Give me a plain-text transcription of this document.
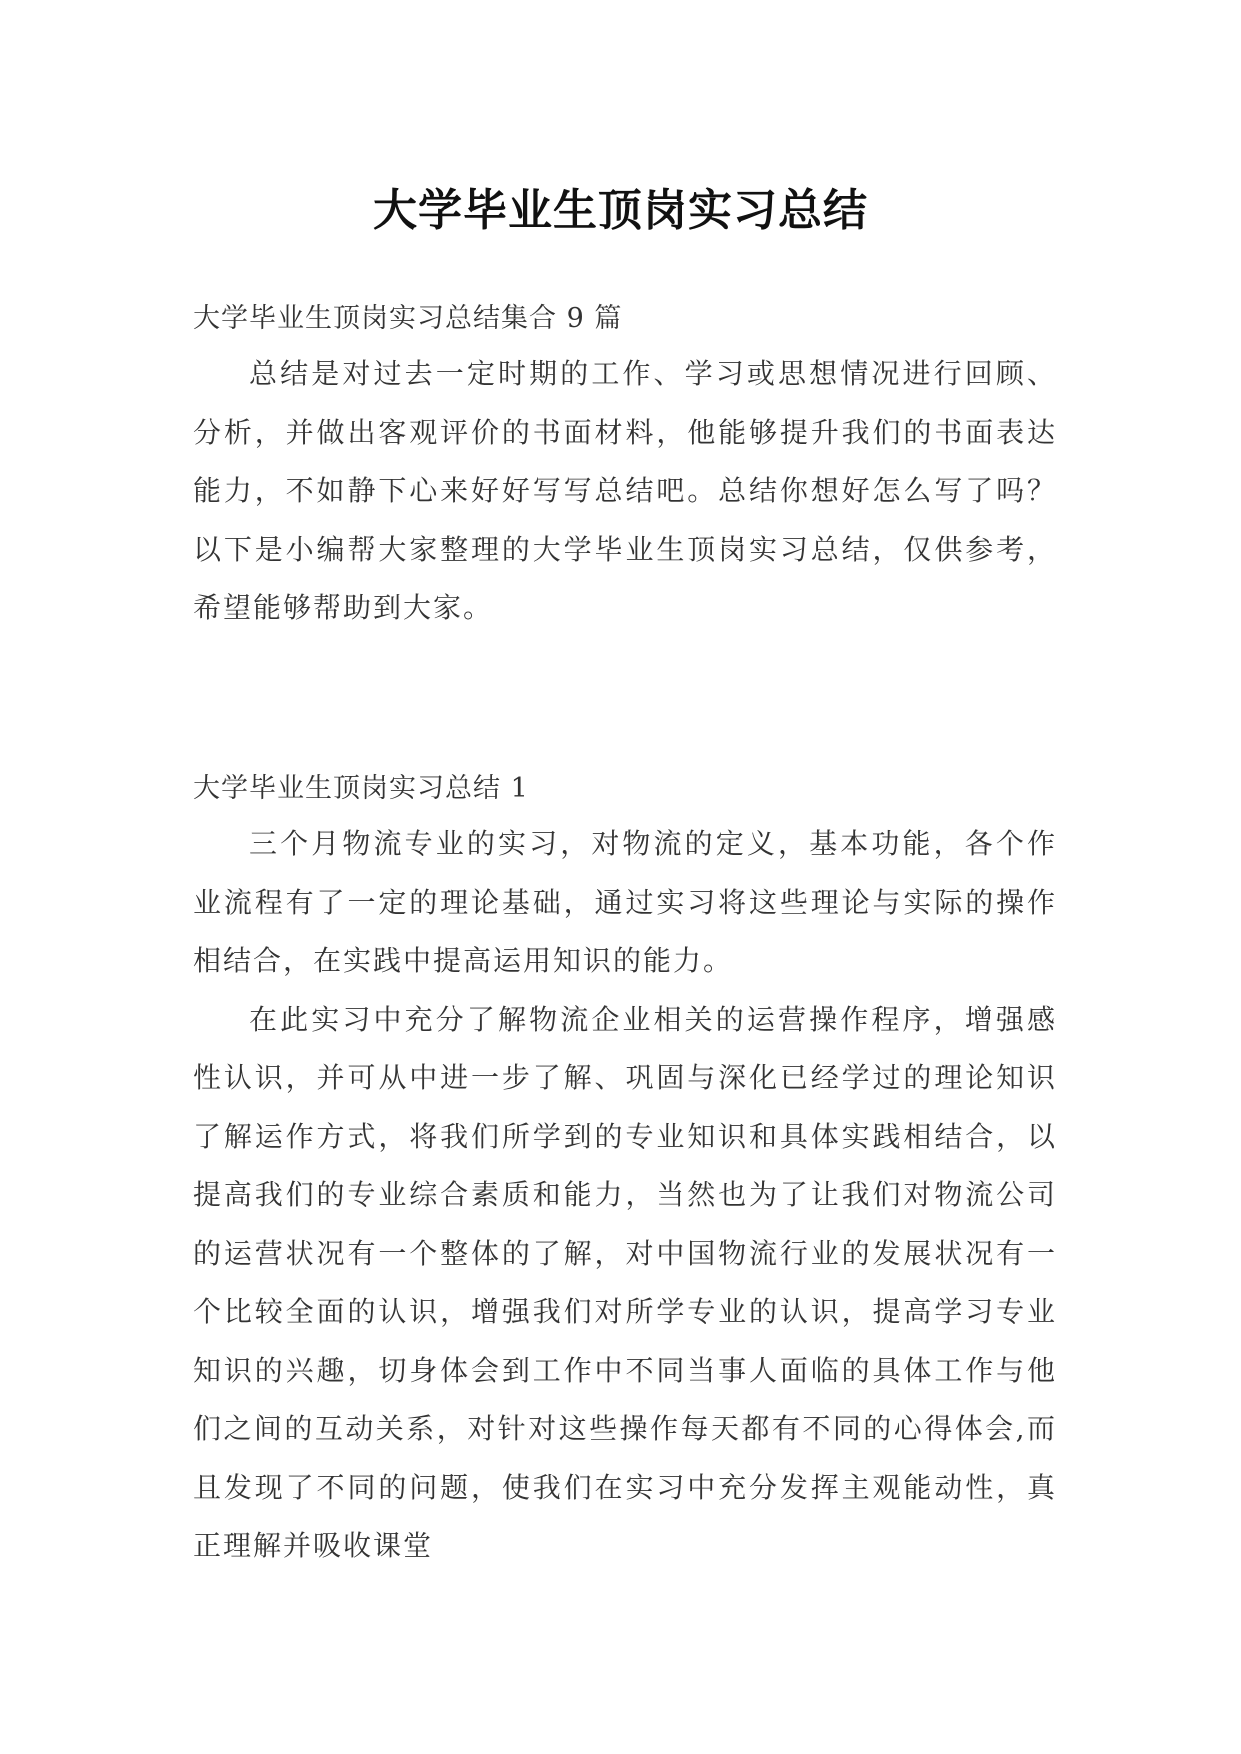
大学毕业生顶岗实习总结

大学毕业生顶岗实习总结集合 9 篇

总结是对过去一定时期的工作、学习或思想情况进行回顾、分析，并做出客观评价的书面材料，他能够提升我们的书面表达能力，不如静下心来好好写写总结吧。总结你想好怎么写了吗？以下是小编帮大家整理的大学毕业生顶岗实习总结，仅供参考，希望能够帮助到大家。

大学毕业生顶岗实习总结 1

三个月物流专业的实习，对物流的定义，基本功能，各个作业流程有了一定的理论基础，通过实习将这些理论与实际的操作相结合，在实践中提高运用知识的能力。

在此实习中充分了解物流企业相关的运营操作程序，增强感性认识，并可从中进一步了解、巩固与深化已经学过的理论知识了解运作方式，将我们所学到的专业知识和具体实践相结合，以提高我们的专业综合素质和能力，当然也为了让我们对物流公司的运营状况有一个整体的了解，对中国物流行业的发展状况有一个比较全面的认识，增强我们对所学专业的认识，提高学习专业知识的兴趣，切身体会到工作中不同当事人面临的具体工作与他们之间的互动关系，对针对这些操作每天都有不同的心得体会,而且发现了不同的问题，使我们在实习中充分发挥主观能动性，真正理解并吸收课堂
